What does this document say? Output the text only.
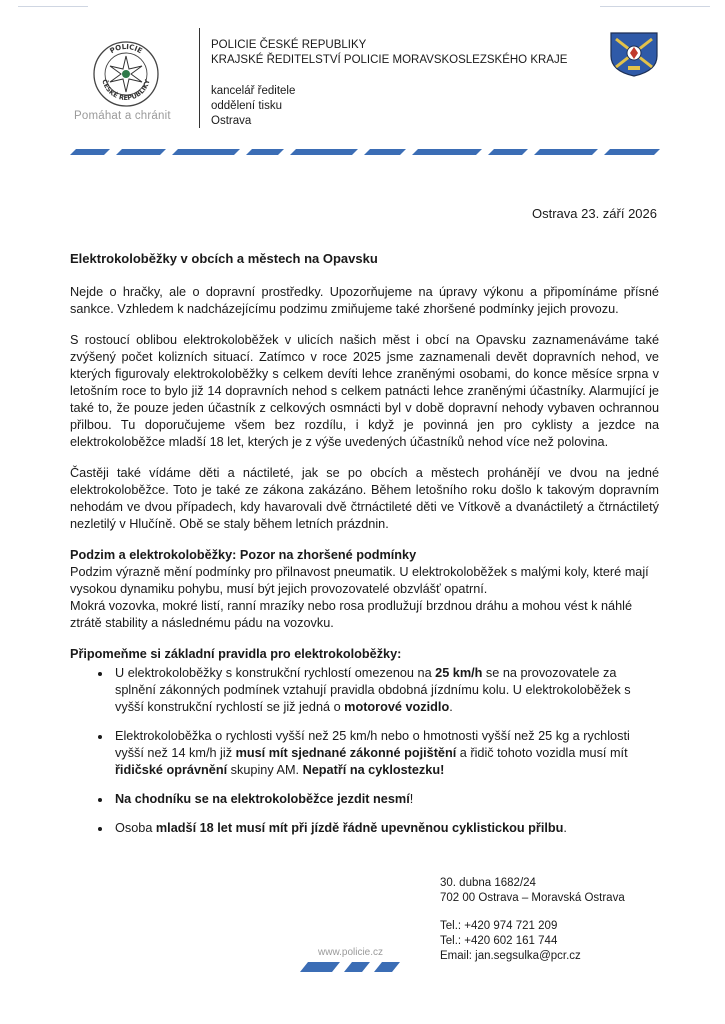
POLICIE
ČESKÉ REPUBLIKY
Pomáhat a chránit
POLICIE ČESKÉ REPUBLIKY
KRAJSKÉ ŘEDITELSTVÍ POLICIE MORAVSKOSLEZSKÉHO KRAJE
kancelář ředitele
oddělení tisku
Ostrava
Ostrava 23. září 2026

Elektrokoloběžky v obcích a městech na Opavsku

Nejde o hračky, ale o dopravní prostředky. Upozorňujeme na úpravy výkonu a připomínáme přísné sankce. Vzhledem k nadcházejícímu podzimu zmiňujeme také zhoršené podmínky jejich provozu.

S rostoucí oblibou elektrokoloběžek v ulicích našich měst i obcí na Opavsku zaznamenáváme také zvýšený počet kolizních situací. Zatímco v roce 2025 jsme zaznamenali devět dopravních nehod, ve kterých figurovaly elektrokoloběžky s celkem devíti lehce zraněnými osobami, do konce měsíce srpna v letošním roce to bylo již 14 dopravních nehod s celkem patnácti lehce zraněnými účastníky. Alarmující je také to, že pouze jeden účastník z celkových osmnácti byl v době dopravní nehody vybaven ochrannou přilbou. Tu doporučujeme všem bez rozdílu, i když je povinná jen pro cyklisty a jezdce na elektrokoloběžce mladší 18 let, kterých je z výše uvedených účastníků nehod více než polovina.

Častěji také vídáme děti a náctileté, jak se po obcích a městech prohánějí ve dvou na jedné elektrokoloběžce. Toto je také ze zákona zakázáno. Během letošního roku došlo k takovým dopravním nehodám ve dvou případech, kdy havarovali dvě čtrnáctileté děti ve Vítkově a dvanáctiletý a čtrnáctiletý nezletilý v Hlučíně. Obě se staly během letních prázdnin.

Podzim a elektrokoloběžky: Pozor na zhoršené podmínky
Podzim výrazně mění podmínky pro přilnavost pneumatik. U elektrokoloběžek s malými koly, které mají vysokou dynamiku pohybu, musí být jejich provozovatelé obzvlášť opatrní.
Mokrá vozovka, mokré listí, ranní mrazíky nebo rosa prodlužují brzdnou dráhu a mohou vést k náhlé ztrátě stability a následnému pádu na vozovku.
Připomeňme si základní pravidla pro elektrokoloběžky:
• U elektrokoloběžky s konstrukční rychlostí omezenou na 25 km/h se na provozovatele za splnění zákonných podmínek vztahují pravidla obdobná jízdnímu kolu. U elektrokoloběžek s vyšší konstrukční rychlostí se již jedná o motorové vozidlo.
• Elektrokoloběžka o rychlosti vyšší než 25 km/h nebo o hmotnosti vyšší než 25 kg a rychlosti vyšší než 14 km/h již musí mít sjednané zákonné pojištění a řidič tohoto vozidla musí mít řidičské oprávnění skupiny AM. Nepatří na cyklostezku!
• Na chodníku se na elektrokoloběžce jezdit nesmí!
• Osoba mladší 18 let musí mít při jízdě řádně upevněnou cyklistickou přilbu.
30. dubna 1682/24
702 00 Ostrava – Moravská Ostrava
Tel.: +420 974 721 209
Tel.: +420 602 161 744
Email: jan.segsulka@pcr.cz
www.policie.cz
